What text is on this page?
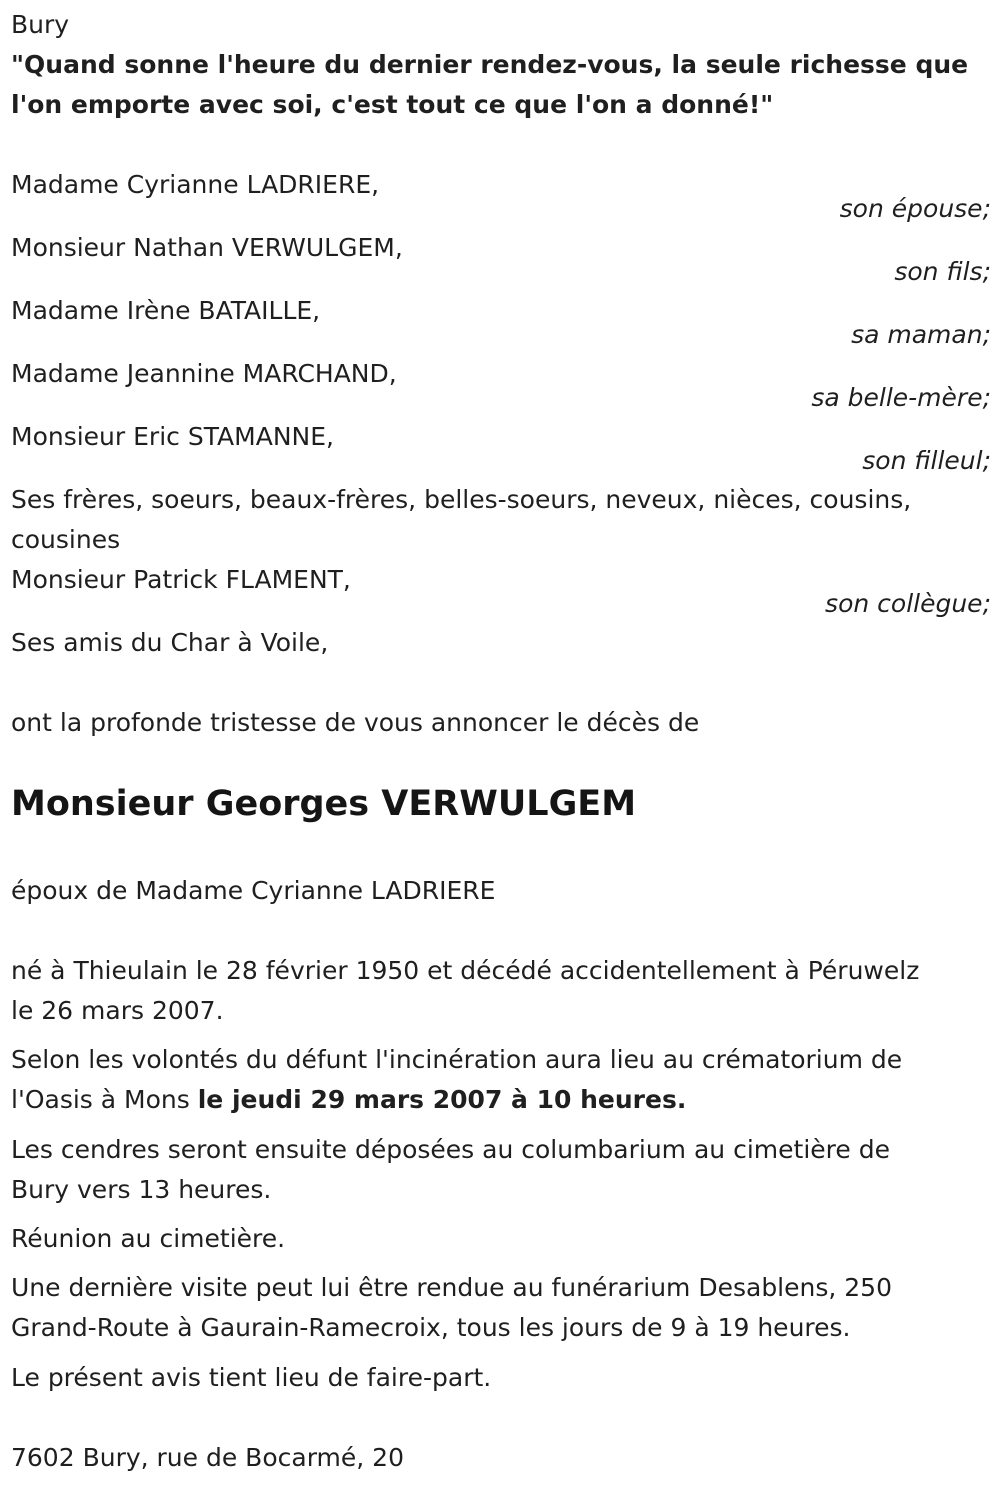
Bury
"Quand sonne l'heure du dernier rendez-vous, la seule richesse que
l'on emporte avec soi, c'est tout ce que l'on a donné!"
Madame Cyrianne LADRIERE,
son épouse;
Monsieur Nathan VERWULGEM,
son fils;
Madame Irène BATAILLE,
sa maman;
Madame Jeannine MARCHAND,
sa belle-mère;
Monsieur Eric STAMANNE,
son filleul;
Ses frères, soeurs, beaux-frères, belles-soeurs, neveux, nièces, cousins,
cousines
Monsieur Patrick FLAMENT,
son collègue;
Ses amis du Char à Voile,
ont la profonde tristesse de vous annoncer le décès de
Monsieur Georges VERWULGEM
époux de Madame Cyrianne LADRIERE
né à Thieulain le 28 février 1950 et décédé accidentellement à Péruwelz
le 26 mars 2007.
Selon les volontés du défunt l'incinération aura lieu au crématorium de
l'Oasis à Mons le jeudi 29 mars 2007 à 10 heures.
Les cendres seront ensuite déposées au columbarium au cimetière de
Bury vers 13 heures.
Réunion au cimetière.
Une dernière visite peut lui être rendue au funérarium Desablens, 250
Grand-Route à Gaurain-Ramecroix, tous les jours de 9 à 19 heures.
Le présent avis tient lieu de faire-part.
7602 Bury, rue de Bocarmé, 20
